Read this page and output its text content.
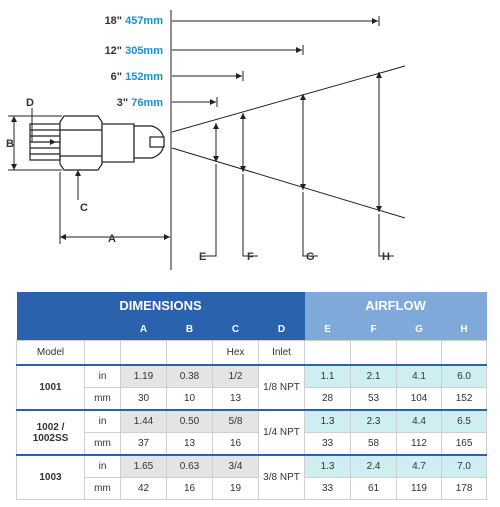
18" 457mm
12" 305mm
6" 152mm
3" 76mm
D
B
C
A
E	F	G	H
DIMENSIONS						AIRFLOW			
		A	B	C	D	E	F	G	H
Model				Hex	Inlet				
1001	in	1.19	0.38	1/2	1/8 NPT	1.1	2.1	4.1	6.0
	mm	30	10	13		28	53	104	152
1002 /
1002SS	in	1.44	0.50	5/8	1/4 NPT	1.3	2.3	4.4	6.5
	mm	37	13	16		33	58	112	165
1003	in	1.65	0.63	3/4	3/8 NPT	1.3	2.4	4.7	7.0
	mm	42	16	19		33	61	119	178
